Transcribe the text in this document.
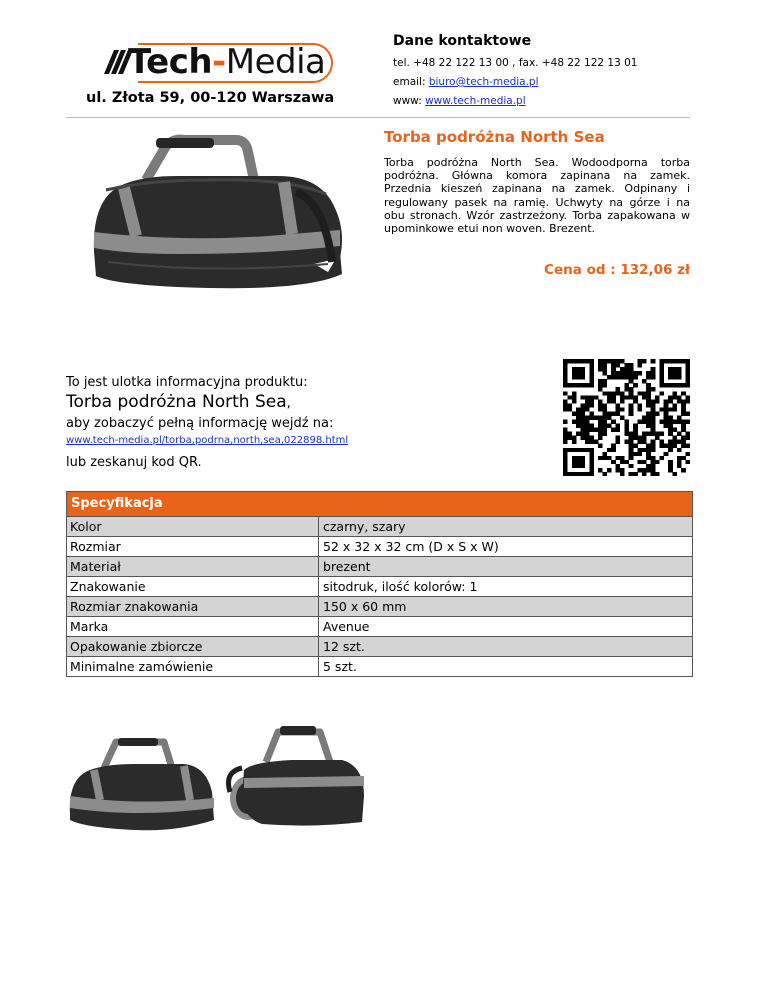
Tech-Media
ul. Złota 59, 00-120 Warszawa
Dane kontaktowe
tel. +48 22 122 13 00 , fax. +48 22 122 13 01
email: biuro@tech-media.pl
www: www.tech-media.pl
Torba podróżna North Sea
Torba podróżna North Sea. Wodoodporna torba podróżna. Główna komora zapinana na zamek. Przednia kieszeń zapinana na zamek. Odpinany i regulowany pasek na ramię. Uchwyty na górze i na obu stronach. Wzór zastrzeżony. Torba zapakowana w upominkowe etui non woven. Brezent.
Cena od : 132,06 zł
To jest ulotka informacyjna produktu:
Torba podróżna North Sea,
aby zobaczyć pełną informację wejdź na:
www.tech-media.pl/torba,podrna,north,sea,022898.html
lub zeskanuj kod QR.
Specyfikacja
Kolor	czarny, szary
Rozmiar	52 x 32 x 32 cm (D x S x W)
Materiał	brezent
Znakowanie	sitodruk, ilość kolorów: 1
Rozmiar znakowania	150 x 60 mm
Marka	Avenue
Opakowanie zbiorcze	12 szt.
Minimalne zamówienie	5 szt.
